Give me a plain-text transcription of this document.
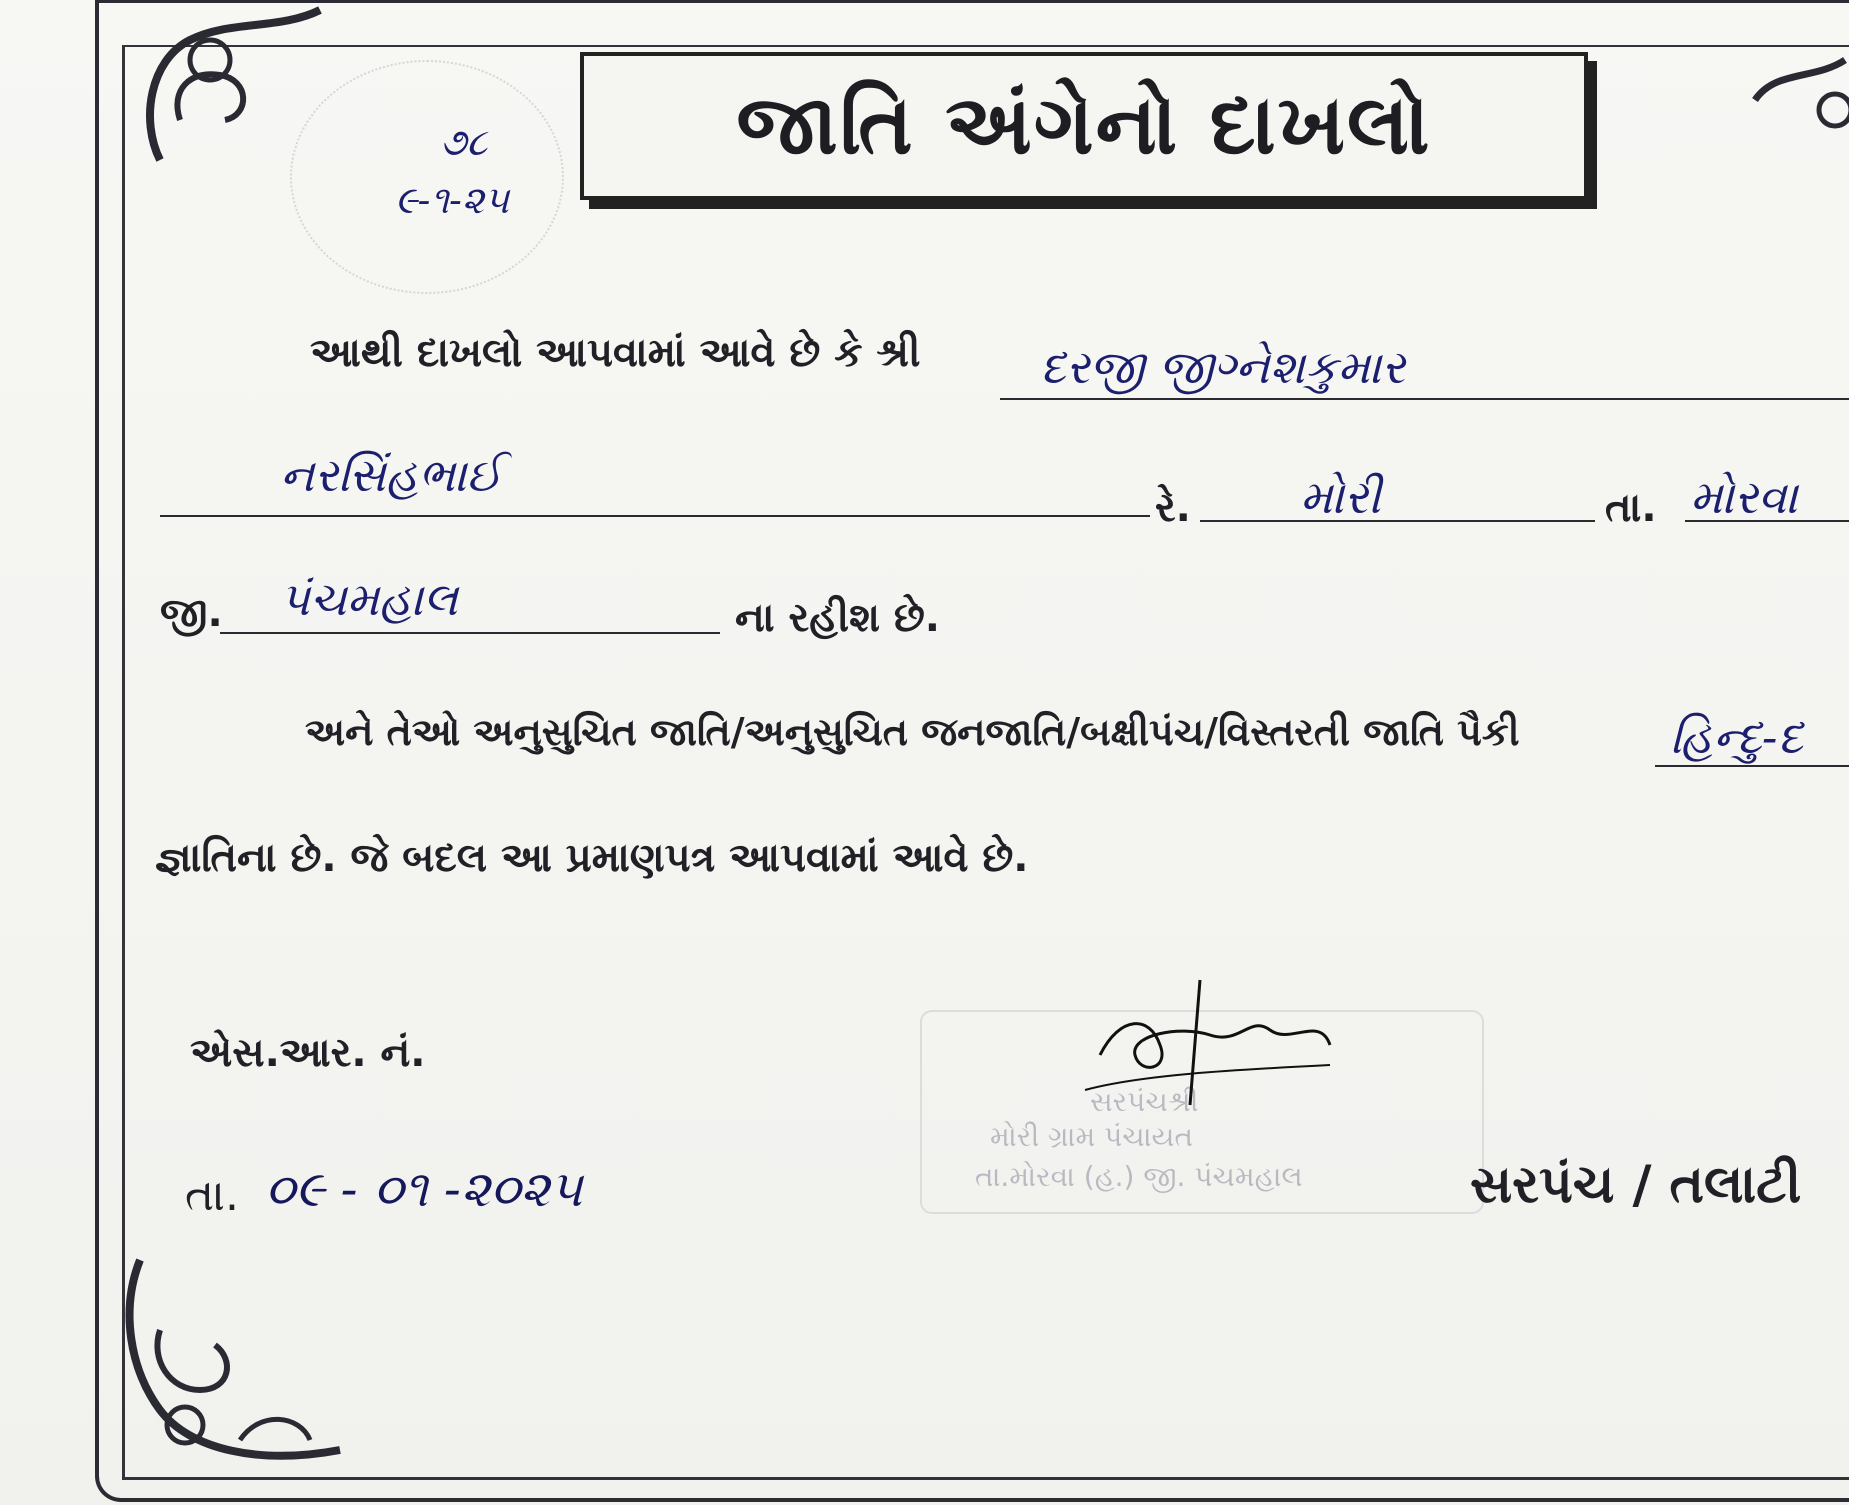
૭૮
૯-૧-૨૫
જાતિ અંગેનો દાખલો
આથી દાખલો આપવામાં આવે છે કે શ્રી	દરજી જીગ્નેશકુમાર
નરસિંહભાઈ
રે. મોરી	તા. મોરવા
જી. પંચમહાલ	ના રહીશ છે.
અને તેઓ અનુસુચિત જાતિ/અનુસુચિત જનજાતિ/બક્ષીપંચ/વિસ્તરતી જાતિ પૈકી	હિન્દુ-દ
જ્ઞાતિના છે. જે બદલ આ પ્રમાણપત્ર આપવામાં આવે છે.
એસ.આર. નં.
સરપંચશ્રી
મોરી ગ્રામ પંચાયત
તા.મોરવા (હ.) જી. પંચમહાલ
તા. ૦૯ - ૦૧ -૨૦૨૫	સરપંચ / તલાટી
